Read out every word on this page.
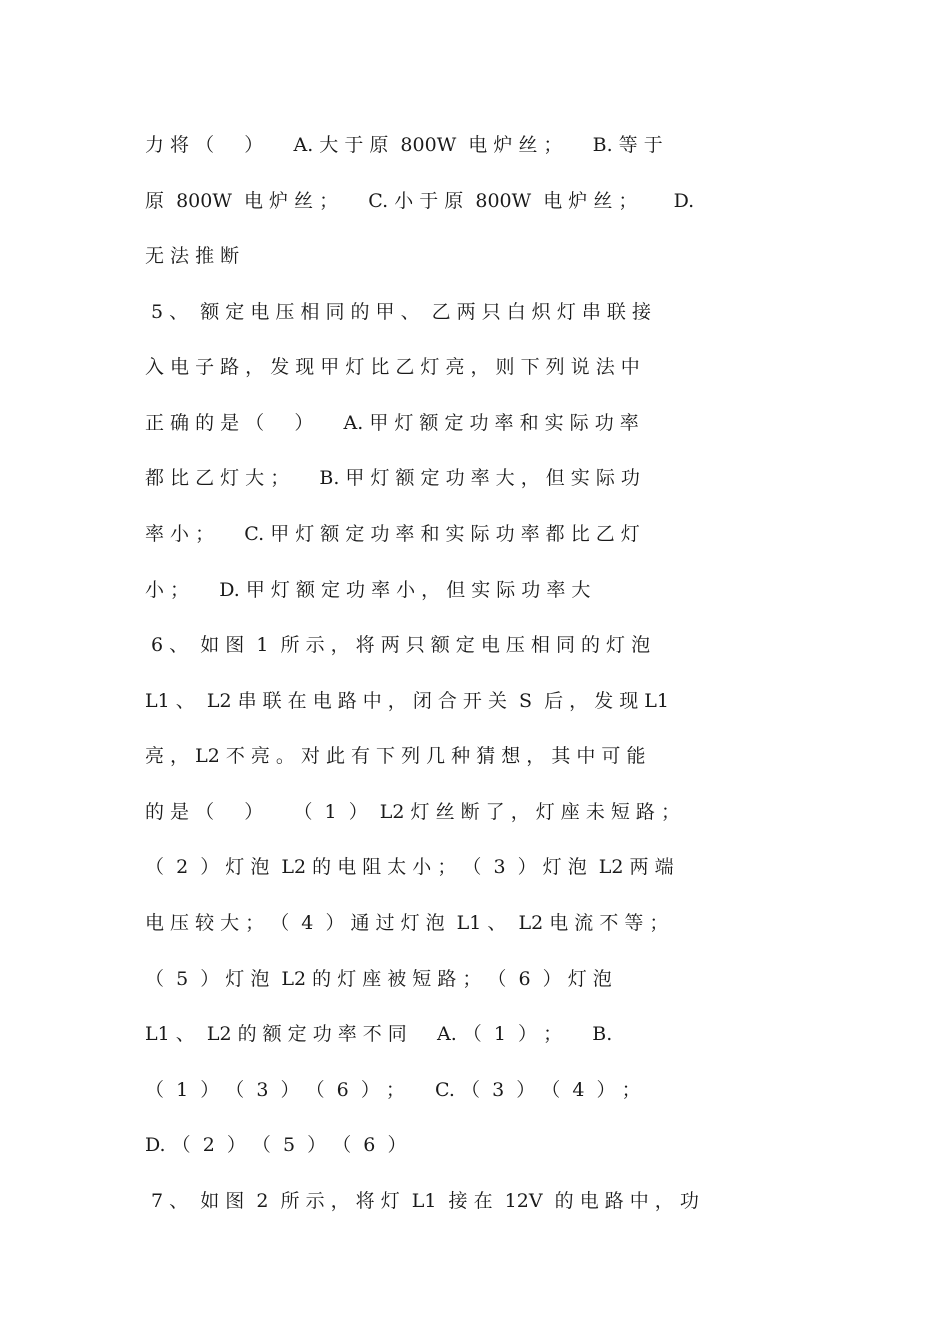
力 将 （     ）     A. 大 于 原  800W  电 炉 丝 ；     B. 等 于
原  800W  电 炉 丝 ；     C. 小 于 原  800W  电 炉 丝 ；      D.
无 法 推 断
5 、  额 定 电 压 相 同 的 甲 、  乙 两 只 白 炽 灯 串 联 接
入 电 子 路 ， 发 现 甲 灯 比 乙 灯 亮 ， 则 下 列 说 法 中
正 确 的 是 （     ）     A. 甲 灯 额 定 功 率 和 实 际 功 率
都 比 乙 灯 大 ；     B. 甲 灯 额 定 功 率 大 ， 但 实 际 功
率 小 ；     C. 甲 灯 额 定 功 率 和 实 际 功 率 都 比 乙 灯
小 ；     D. 甲 灯 额 定 功 率 小 ， 但 实 际 功 率 大
6 、  如 图  1  所 示 ， 将 两 只 额 定 电 压 相 同 的 灯 泡
L1 、  L2 串 联 在 电 路 中 ， 闭 合 开 关  S  后 ， 发 现 L1
亮 ， L2 不 亮 。 对 此 有 下 列 几 种 猜 想 ， 其 中 可 能
的 是 （     ）     （  1  ）  L2 灯 丝 断 了 ， 灯 座 未 短 路 ；
（  2  ） 灯 泡  L2 的 电 阻 太 小 ； （  3  ） 灯 泡  L2 两 端
电 压 较 大 ； （  4  ） 通 过 灯 泡  L1 、  L2 电 流 不 等 ；
（  5  ） 灯 泡  L2 的 灯 座 被 短 路 ； （  6  ） 灯 泡
L1 、  L2 的 额 定 功 率 不 同     A. （  1  ） ；     B.
（  1  ） （  3  ） （  6  ） ；     C. （  3  ） （  4  ） ；
D. （  2  ） （  5  ） （  6  ）
7 、  如 图  2  所 示 ， 将 灯  L1  接 在  12V  的 电 路 中 ， 功
